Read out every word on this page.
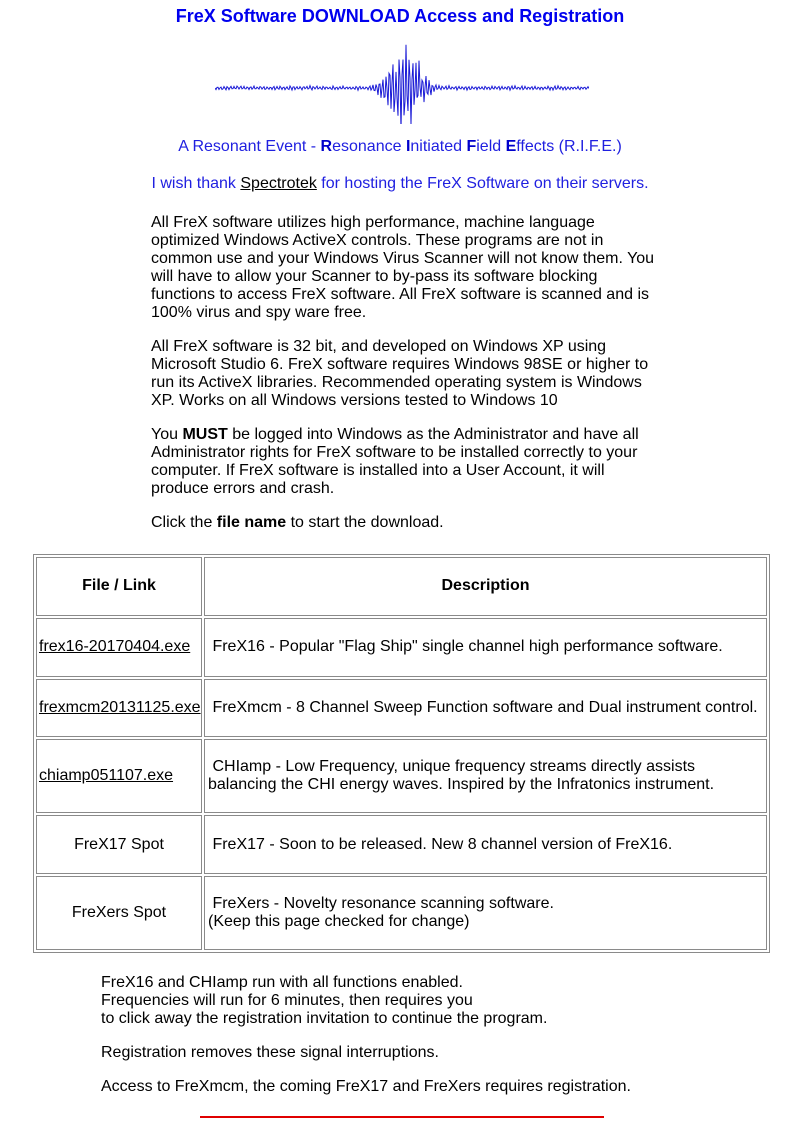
FreX Software DOWNLOAD Access and Registration
A Resonant Event - Resonance Initiated Field Effects (R.I.F.E.)
I wish thank Spectrotek for hosting the FreX Software on their servers.

All FreX software utilizes high performance, machine language optimized Windows ActiveX controls. These programs are not in common use and your Windows Virus Scanner will not know them. You will have to allow your Scanner to by-pass its software blocking functions to access FreX software. All FreX software is scanned and is 100% virus and spy ware free.

All FreX software is 32 bit, and developed on Windows XP using Microsoft Studio 6. FreX software requires Windows 98SE or higher to run its ActiveX libraries. Recommended operating system is Windows XP. Works on all Windows versions tested to Windows 10

You MUST be logged into Windows as the Administrator and have all Administrator rights for FreX software to be installed correctly to your computer. If FreX software is installed into a User Account, it will produce errors and crash.

Click the file name to start the download.

File / Link	Description
frex16-20170404.exe	FreX16 - Popular "Flag Ship" single channel high performance software.
frexmcm20131125.exe	FreXmcm - 8 Channel Sweep Function software and Dual instrument control.
chiamp051107.exe	CHIamp - Low Frequency, unique frequency streams directly assists
balancing the CHI energy waves. Inspired by the Infratonics instrument.
FreX17 Spot	FreX17 - Soon to be released. New 8 channel version of FreX16.
FreXers Spot	FreXers - Novelty resonance scanning software.
(Keep this page checked for change)

FreX16 and CHIamp run with all functions enabled.
Frequencies will run for 6 minutes, then requires you
to click away the registration invitation to continue the program.

Registration removes these signal interruptions.

Access to FreXmcm, the coming FreX17 and FreXers requires registration.
